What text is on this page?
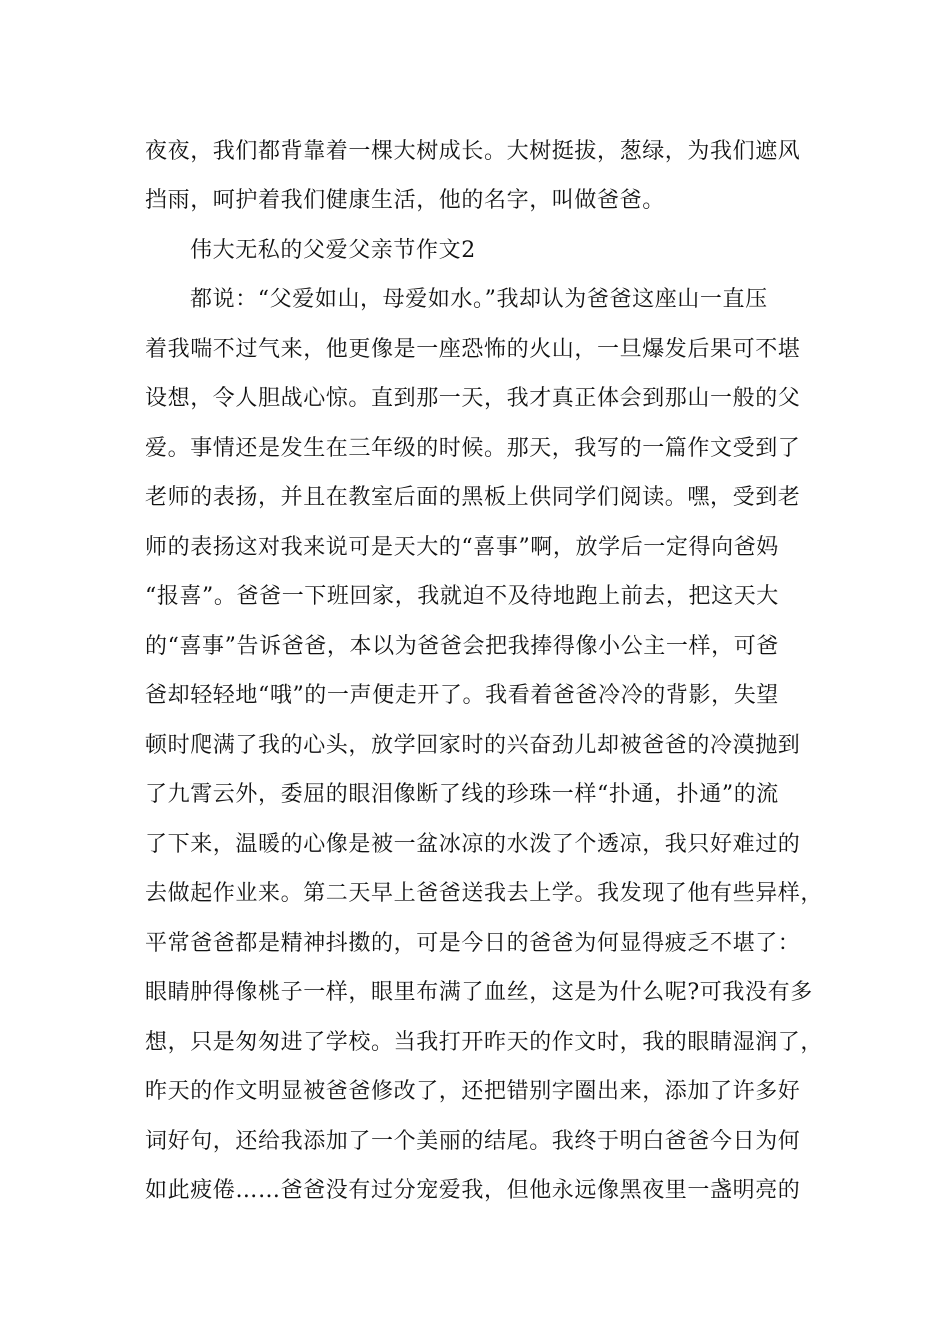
夜夜，我们都背靠着一棵大树成长。大树挺拔，葱绿，为我们遮风
挡雨，呵护着我们健康生活，他的名字，叫做爸爸。
伟大无私的父爱父亲节作文2
都说：“父爱如山，母爱如水。”我却认为爸爸这座山一直压
着我喘不过气来，他更像是一座恐怖的火山，一旦爆发后果可不堪
设想，令人胆战心惊。直到那一天，我才真正体会到那山一般的父
爱。事情还是发生在三年级的时候。那天，我写的一篇作文受到了
老师的表扬，并且在教室后面的黑板上供同学们阅读。嘿，受到老
师的表扬这对我来说可是天大的“喜事”啊，放学后一定得向爸妈
“报喜”。爸爸一下班回家，我就迫不及待地跑上前去，把这天大
的“喜事”告诉爸爸，本以为爸爸会把我捧得像小公主一样，可爸
爸却轻轻地“哦”的一声便走开了。我看着爸爸冷冷的背影，失望
顿时爬满了我的心头，放学回家时的兴奋劲儿却被爸爸的冷漠抛到
了九霄云外，委屈的眼泪像断了线的珍珠一样“扑通，扑通”的流
了下来，温暖的心像是被一盆冰凉的水泼了个透凉，我只好难过的
去做起作业来。第二天早上爸爸送我去上学。我发现了他有些异样，
平常爸爸都是精神抖擞的，可是今日的爸爸为何显得疲乏不堪了：
眼睛肿得像桃子一样，眼里布满了血丝，这是为什么呢?可我没有多
想，只是匆匆进了学校。当我打开昨天的作文时，我的眼睛湿润了，
昨天的作文明显被爸爸修改了，还把错别字圈出来，添加了许多好
词好句，还给我添加了一个美丽的结尾。我终于明白爸爸今日为何
如此疲倦……爸爸没有过分宠爱我，但他永远像黑夜里一盏明亮的
